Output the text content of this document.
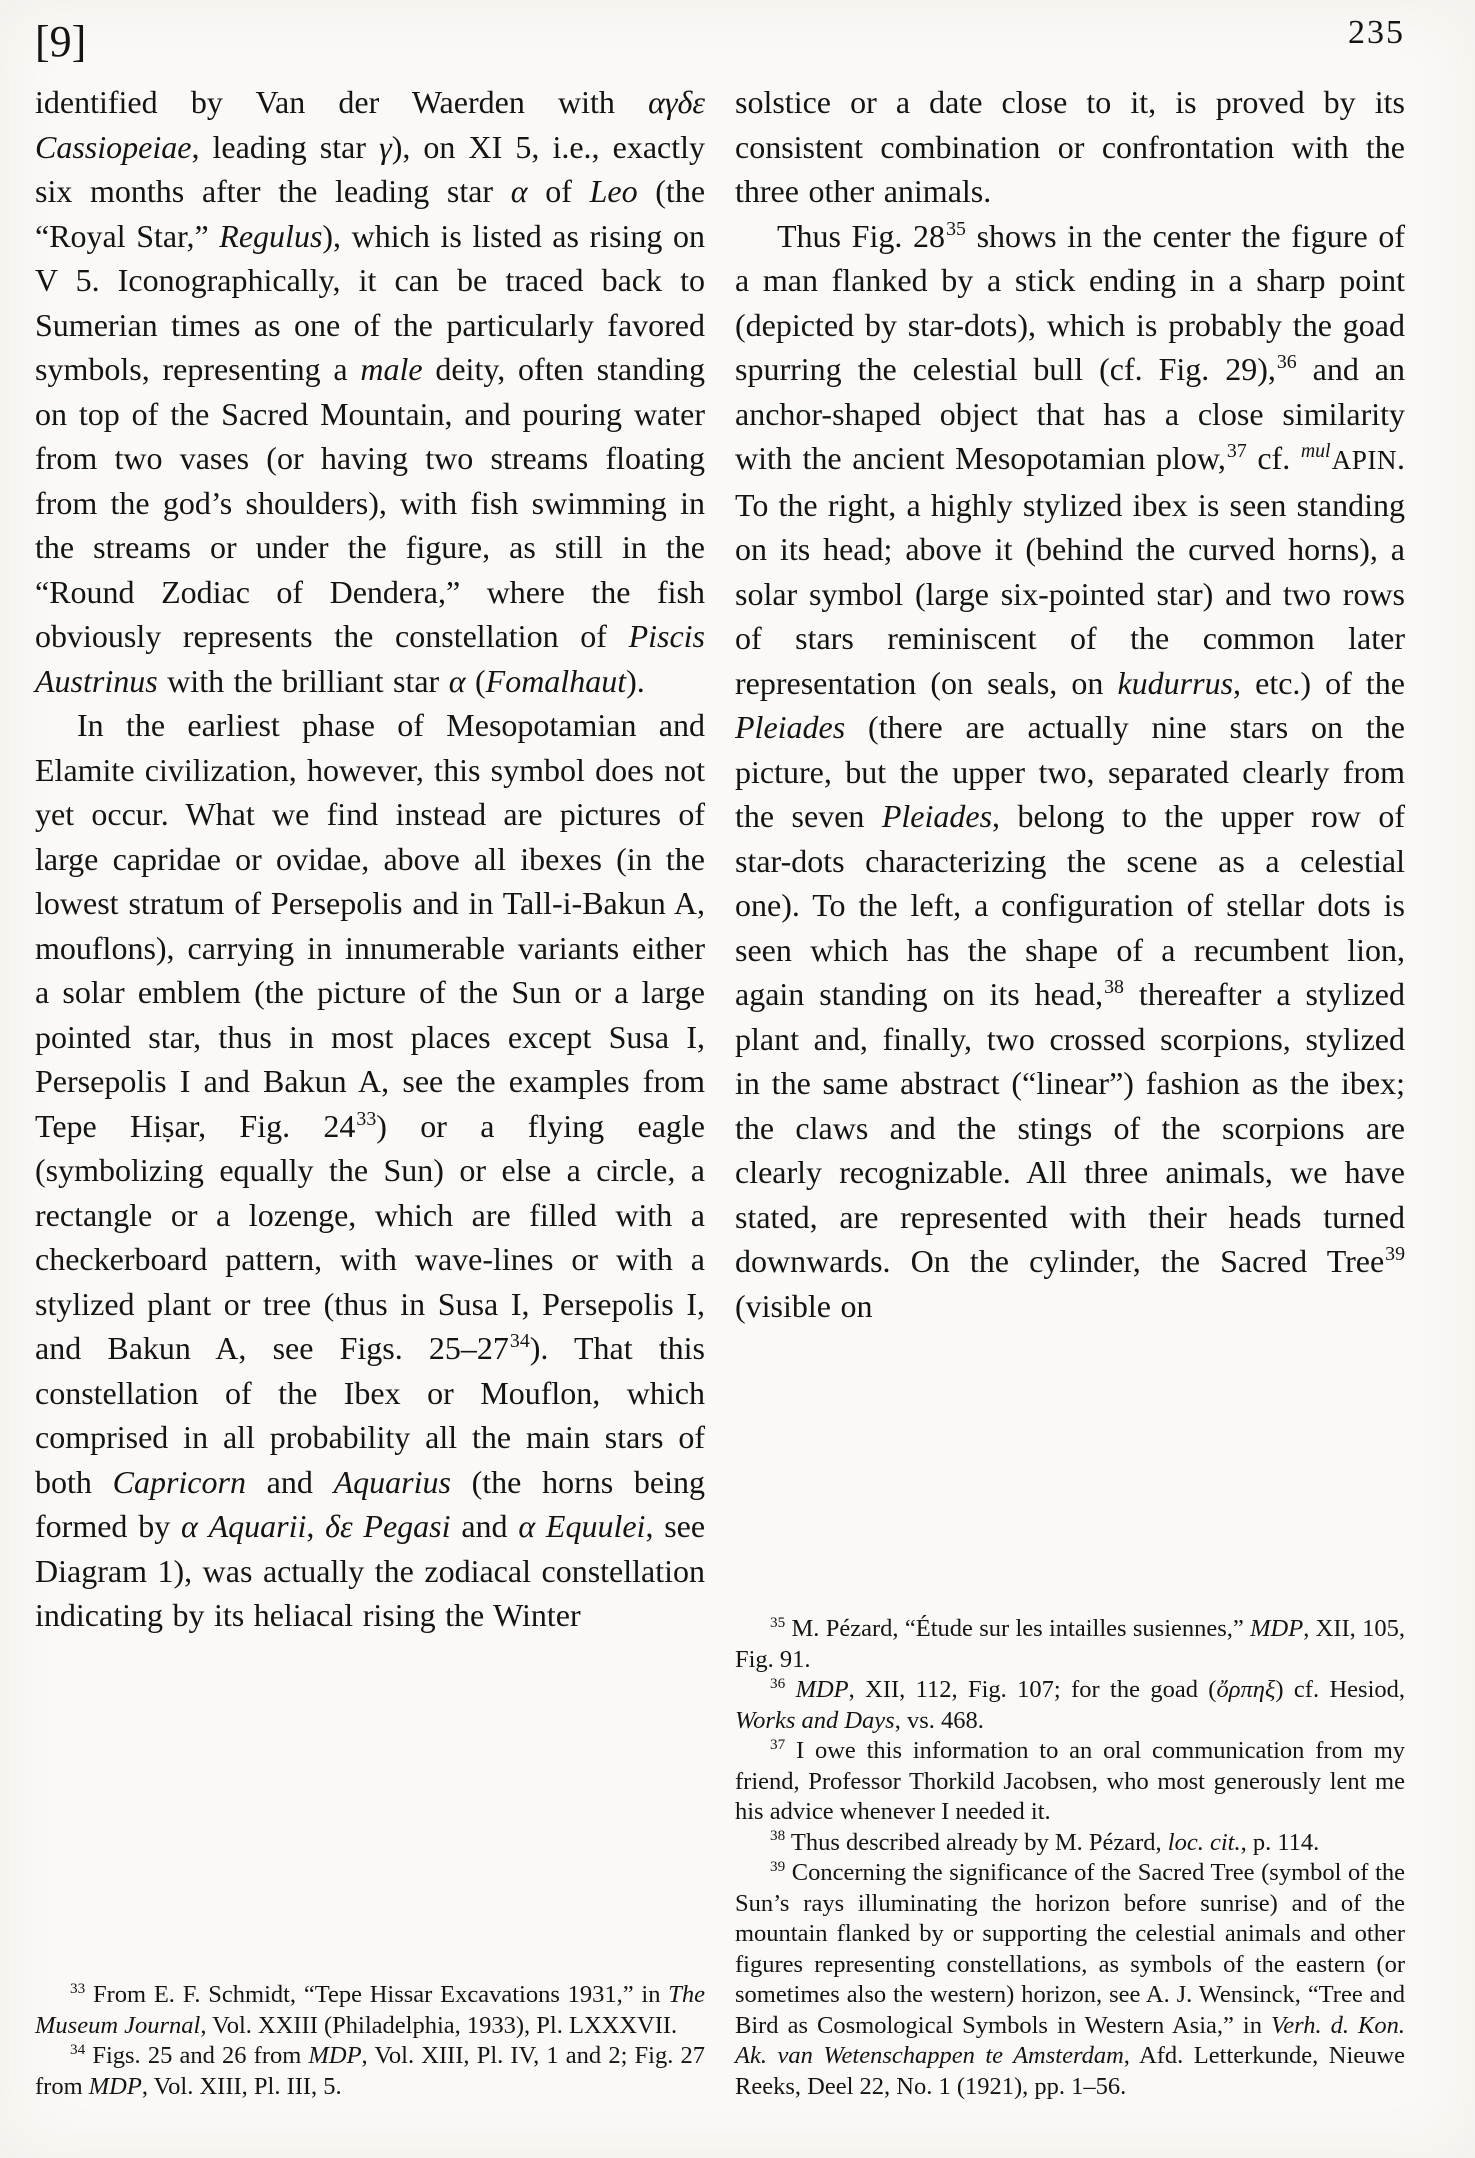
[9]	235

identified by Van der Waerden with αγδε Cassiopeiae, leading star γ), on XI 5, i.e., exactly six months after the leading star α of Leo (the “Royal Star,” Regulus), which is listed as rising on V 5. Iconographically, it can be traced back to Sumerian times as one of the particularly favored symbols, representing a male deity, often standing on top of the Sacred Mountain, and pouring water from two vases (or having two streams floating from the god’s shoulders), with fish swimming in the streams or under the figure, as still in the “Round Zodiac of Dendera,” where the fish obviously represents the constellation of Piscis Austrinus with the brilliant star α (Fomalhaut).

In the earliest phase of Mesopotamian and Elamite civilization, however, this symbol does not yet occur. What we find instead are pictures of large capridae or ovidae, above all ibexes (in the lowest stratum of Persepolis and in Tall-i-Bakun A, mouflons), carrying in innumerable variants either a solar emblem (the picture of the Sun or a large pointed star, thus in most places except Susa I, Persepolis I and Bakun A, see the examples from Tepe Hiṣar, Fig. $24^{33}$) or a flying eagle (symbolizing equally the Sun) or else a circle, a rectangle or a lozenge, which are filled with a checkerboard pattern, with wave-lines or with a stylized plant or tree (thus in Susa I, Persepolis I, and Bakun A, see Figs. $25-27^{34}$). That this constellation of the Ibex or Mouflon, which comprised in all probability all the main stars of both Capricorn and Aquarius (the horns being formed by α Aquarii, δε Pegasi and α Equulei, see Diagram 1), was actually the zodiacal constellation indicating by its heliacal rising the Winter

$^{33}$ From E. F. Schmidt, “Tepe Hissar Excavations 1931,” in The Museum Journal, Vol. XXIII (Philadelphia, 1933), Pl. LXXXVII.

$^{34}$ Figs. 25 and 26 from MDP, Vol. XIII, Pl. IV, 1 and 2; Fig. 27 from MDP, Vol. XIII, Pl. III, 5.

solstice or a date close to it, is proved by its consistent combination or confrontation with the three other animals.

Thus Fig. $28^{35}$ shows in the center the figure of a man flanked by a stick ending in a sharp point (depicted by star-dots), which is probably the goad spurring the celestial bull (cf. Fig. 29),$^{36}$ and an anchor-shaped object that has a close similarity with the ancient Mesopotamian plow,$^{37}$ cf. $^{mul}$APIN. To the right, a highly stylized ibex is seen standing on its head; above it (behind the curved horns), a solar symbol (large six-pointed star) and two rows of stars reminiscent of the common later representation (on seals, on kudurrus, etc.) of the Pleiades (there are actually nine stars on the picture, but the upper two, separated clearly from the seven Pleiades, belong to the upper row of star-dots characterizing the scene as a celestial one). To the left, a configuration of stellar dots is seen which has the shape of a recumbent lion, again standing on its head,$^{38}$ thereafter a stylized plant and, finally, two crossed scorpions, stylized in the same abstract (“linear”) fashion as the ibex; the claws and the stings of the scorpions are clearly recognizable. All three animals, we have stated, are represented with their heads turned downwards. On the cylinder, the Sacred Tree$^{39}$ (visible on

$^{35}$ M. Pézard, “Étude sur les intailles susiennes,” MDP, XII, 105, Fig. 91.

$^{36}$ MDP, XII, 112, Fig. 107; for the goad (ὄρπηξ) cf. Hesiod, Works and Days, vs. 468.

$^{37}$ I owe this information to an oral communication from my friend, Professor Thorkild Jacobsen, who most generously lent me his advice whenever I needed it.

$^{38}$ Thus described already by M. Pézard, loc. cit., p. 114.

$^{39}$ Concerning the significance of the Sacred Tree (symbol of the Sun’s rays illuminating the horizon before sunrise) and of the mountain flanked by or supporting the celestial animals and other figures representing constellations, as symbols of the eastern (or sometimes also the western) horizon, see A. J. Wensinck, “Tree and Bird as Cosmological Symbols in Western Asia,” in Verh. d. Kon. Ak. van Wetenschappen te Amsterdam, Afd. Letterkunde, Nieuwe Reeks, Deel 22, No. 1 (1921), pp. 1–56.
